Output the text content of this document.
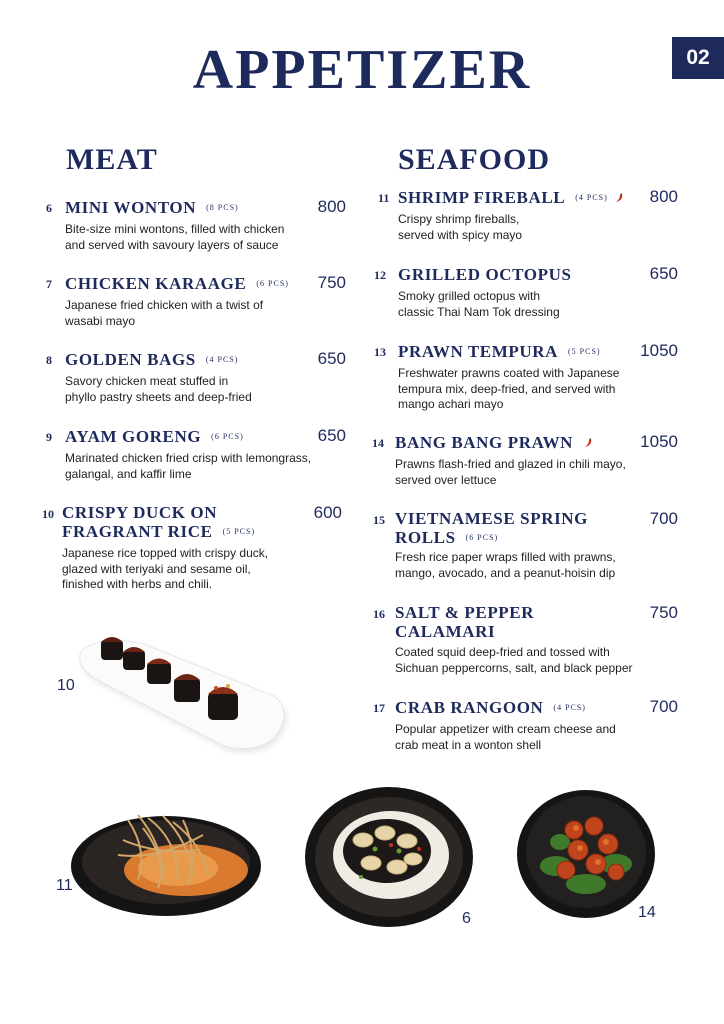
APPETIZER	02
MEAT
6 MINI WONTON (8 PCS)	800
Bite-size mini wontons, filled with chicken
and served with savoury layers of sauce
7 CHICKEN KARAAGE (6 PCS)	750
Japanese fried chicken with a twist of
wasabi mayo
8 GOLDEN BAGS (4 PCS)	650
Savory chicken meat stuffed in
phyllo pastry sheets and deep-fried
9 AYAM GORENG (6 PCS)	650
Marinated chicken fried crisp with lemongrass,
galangal, and kaffir lime
10 CRISPY DUCK ON
FRAGRANT RICE (5 PCS)
600
Japanese rice topped with crispy duck,
glazed with teriyaki and sesame oil,
finished with herbs and chili.
SEAFOOD
11 SHRIMP FIREBALL (4 PCS)	800
Crispy shrimp fireballs,
served with spicy mayo
12 GRILLED OCTOPUS	650
Smoky grilled octopus with
classic Thai Nam Tok dressing
13 PRAWN TEMPURA (5 PCS)	1050
Freshwater prawns coated with Japanese
tempura mix, deep-fried, and served with
mango achari mayo
14 BANG BANG PRAWN	1050
Prawns flash-fried and glazed in chili mayo,
served over lettuce
15 VIETNAMESE SPRING
ROLLS (6 PCS)
700
Fresh rice paper wraps filled with prawns,
mango, avocado, and a peanut-hoisin dip
16 SALT & PEPPER
CALAMARI
750
Coated squid deep-fried and tossed with
Sichuan peppercorns, salt, and black pepper
17 CRAB RANGOON (4 PCS)	700
Popular appetizer with cream cheese and
crab meat in a wonton shell
10
11
6	14
